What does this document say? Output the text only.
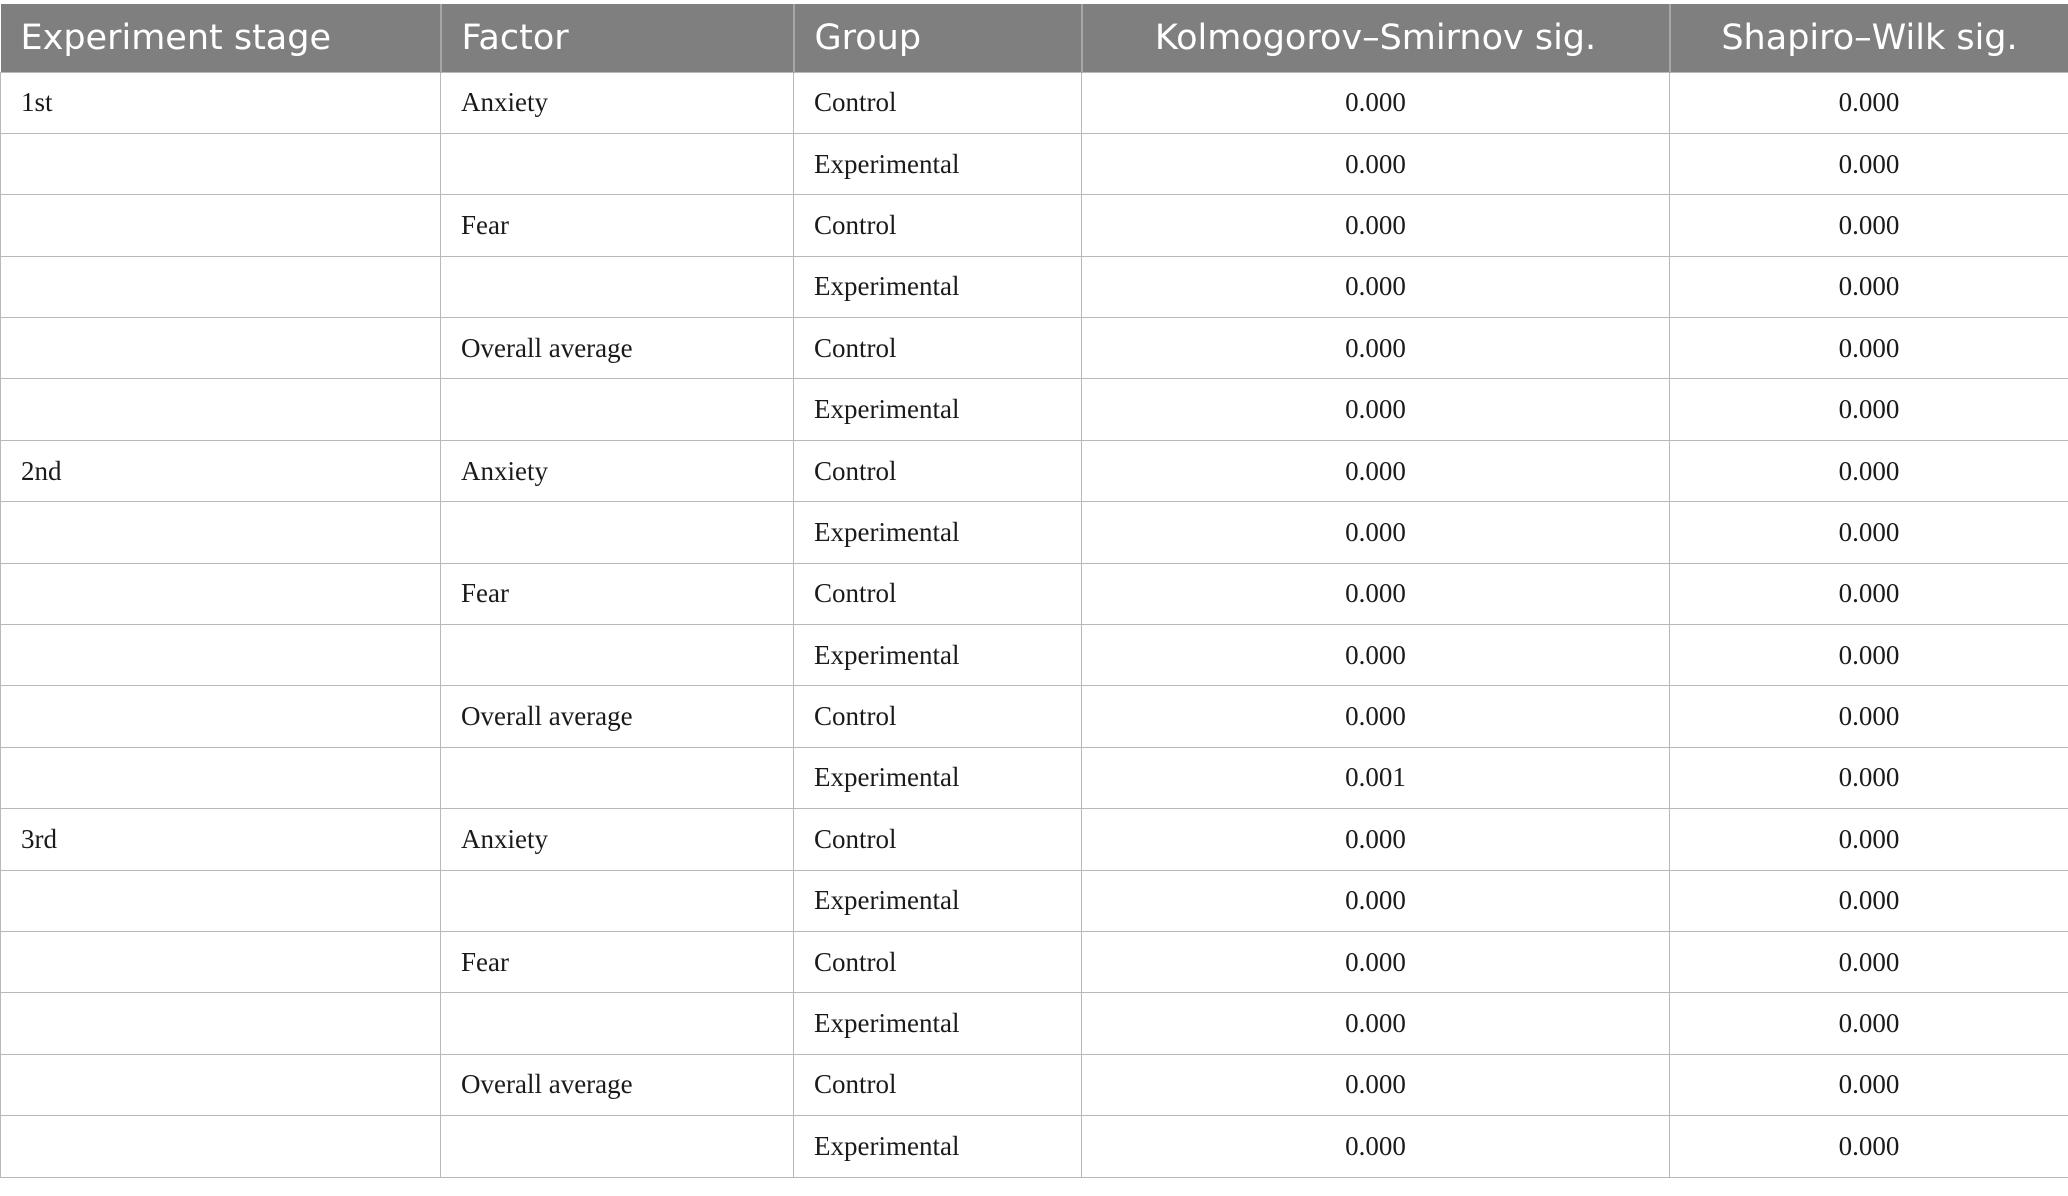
Experiment stage	Factor	Group	Kolmogorov–Smirnov sig.	Shapiro–Wilk sig.
1st	Anxiety	Control	0.000	0.000
		Experimental	0.000	0.000
	Fear	Control	0.000	0.000
		Experimental	0.000	0.000
	Overall average	Control	0.000	0.000
		Experimental	0.000	0.000
2nd	Anxiety	Control	0.000	0.000
		Experimental	0.000	0.000
	Fear	Control	0.000	0.000
		Experimental	0.000	0.000
	Overall average	Control	0.000	0.000
		Experimental	0.001	0.000
3rd	Anxiety	Control	0.000	0.000
		Experimental	0.000	0.000
	Fear	Control	0.000	0.000
		Experimental	0.000	0.000
	Overall average	Control	0.000	0.000
		Experimental	0.000	0.000
